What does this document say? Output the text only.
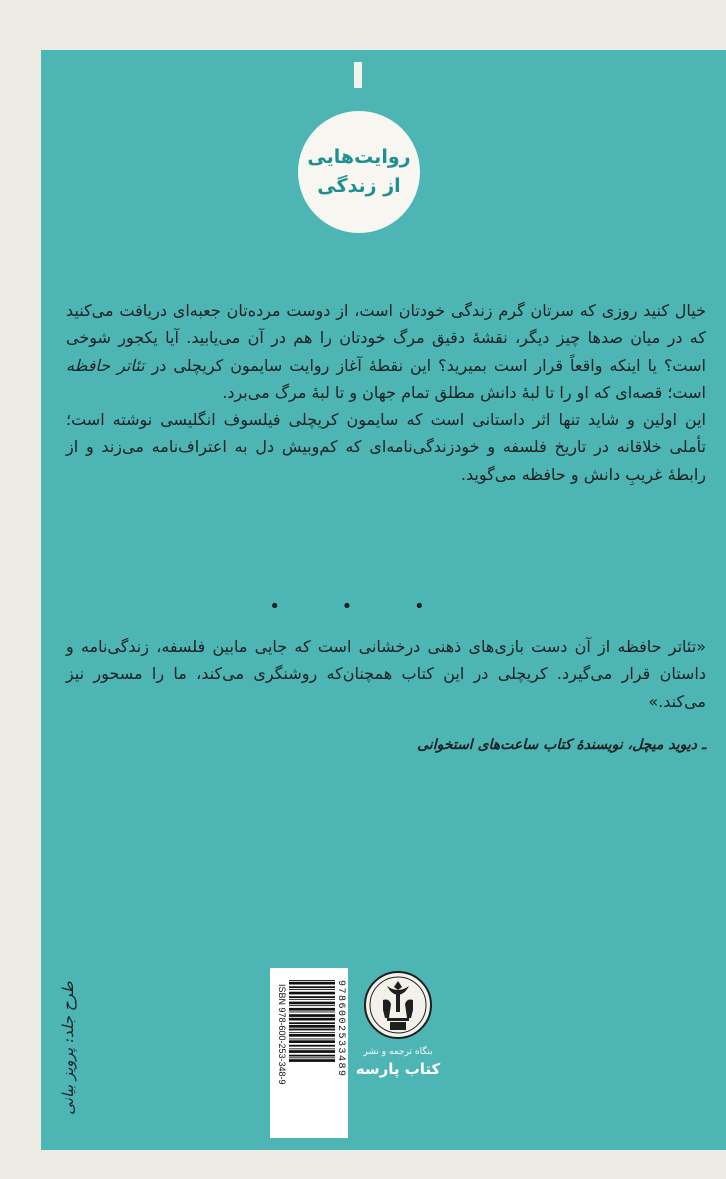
روایت‌هایی
از زندگی

خیال کنید روزی که سرتان گرم زندگی خودتان است، از دوست مرده‌تان جعبه‌ای دریافت می‌کنید که در میان صدها چیز دیگر، نقشهٔ دقیق مرگ خودتان را هم در آن می‌یابید. آیا یکجور شوخی است؟ یا اینکه واقعاً قرار است بمیرید؟ این نقطهٔ آغاز روایت سایمون کریچلی در تئاتر حافظه است؛ قصه‌ای که او را تا لبهٔ دانش مطلق تمام جهان و تا لبهٔ مرگ می‌برد.

این اولین و شاید تنها اثر داستانی است که سایمون کریچلی فیلسوف انگلیسی نوشته است؛ تأملی خلاقانه در تاریخ فلسفه و خودزندگی‌نامه‌ای که کم‌وبیش دل به اعتراف‌نامه می‌زند و از رابطهٔ غریبِ دانش و حافظه می‌گوید.

• • •

«تئاتر حافظه از آن دست بازی‌های ذهنی درخشانی است که جایی مابین فلسفه، زندگی‌نامه و داستان قرار می‌گیرد. کریچلی در این کتاب همچنان‌که روشنگری می‌کند، ما را مسحور نیز می‌کند.»

ـ دیوید میچل، نویسندهٔ کتاب ساعت‌های استخوانی
طرح جلد: پرویز بیانی	ISBN 978-600-253-348-9	9786002533489	بنگاه ترجمه و نشر
کتاب پارسه
